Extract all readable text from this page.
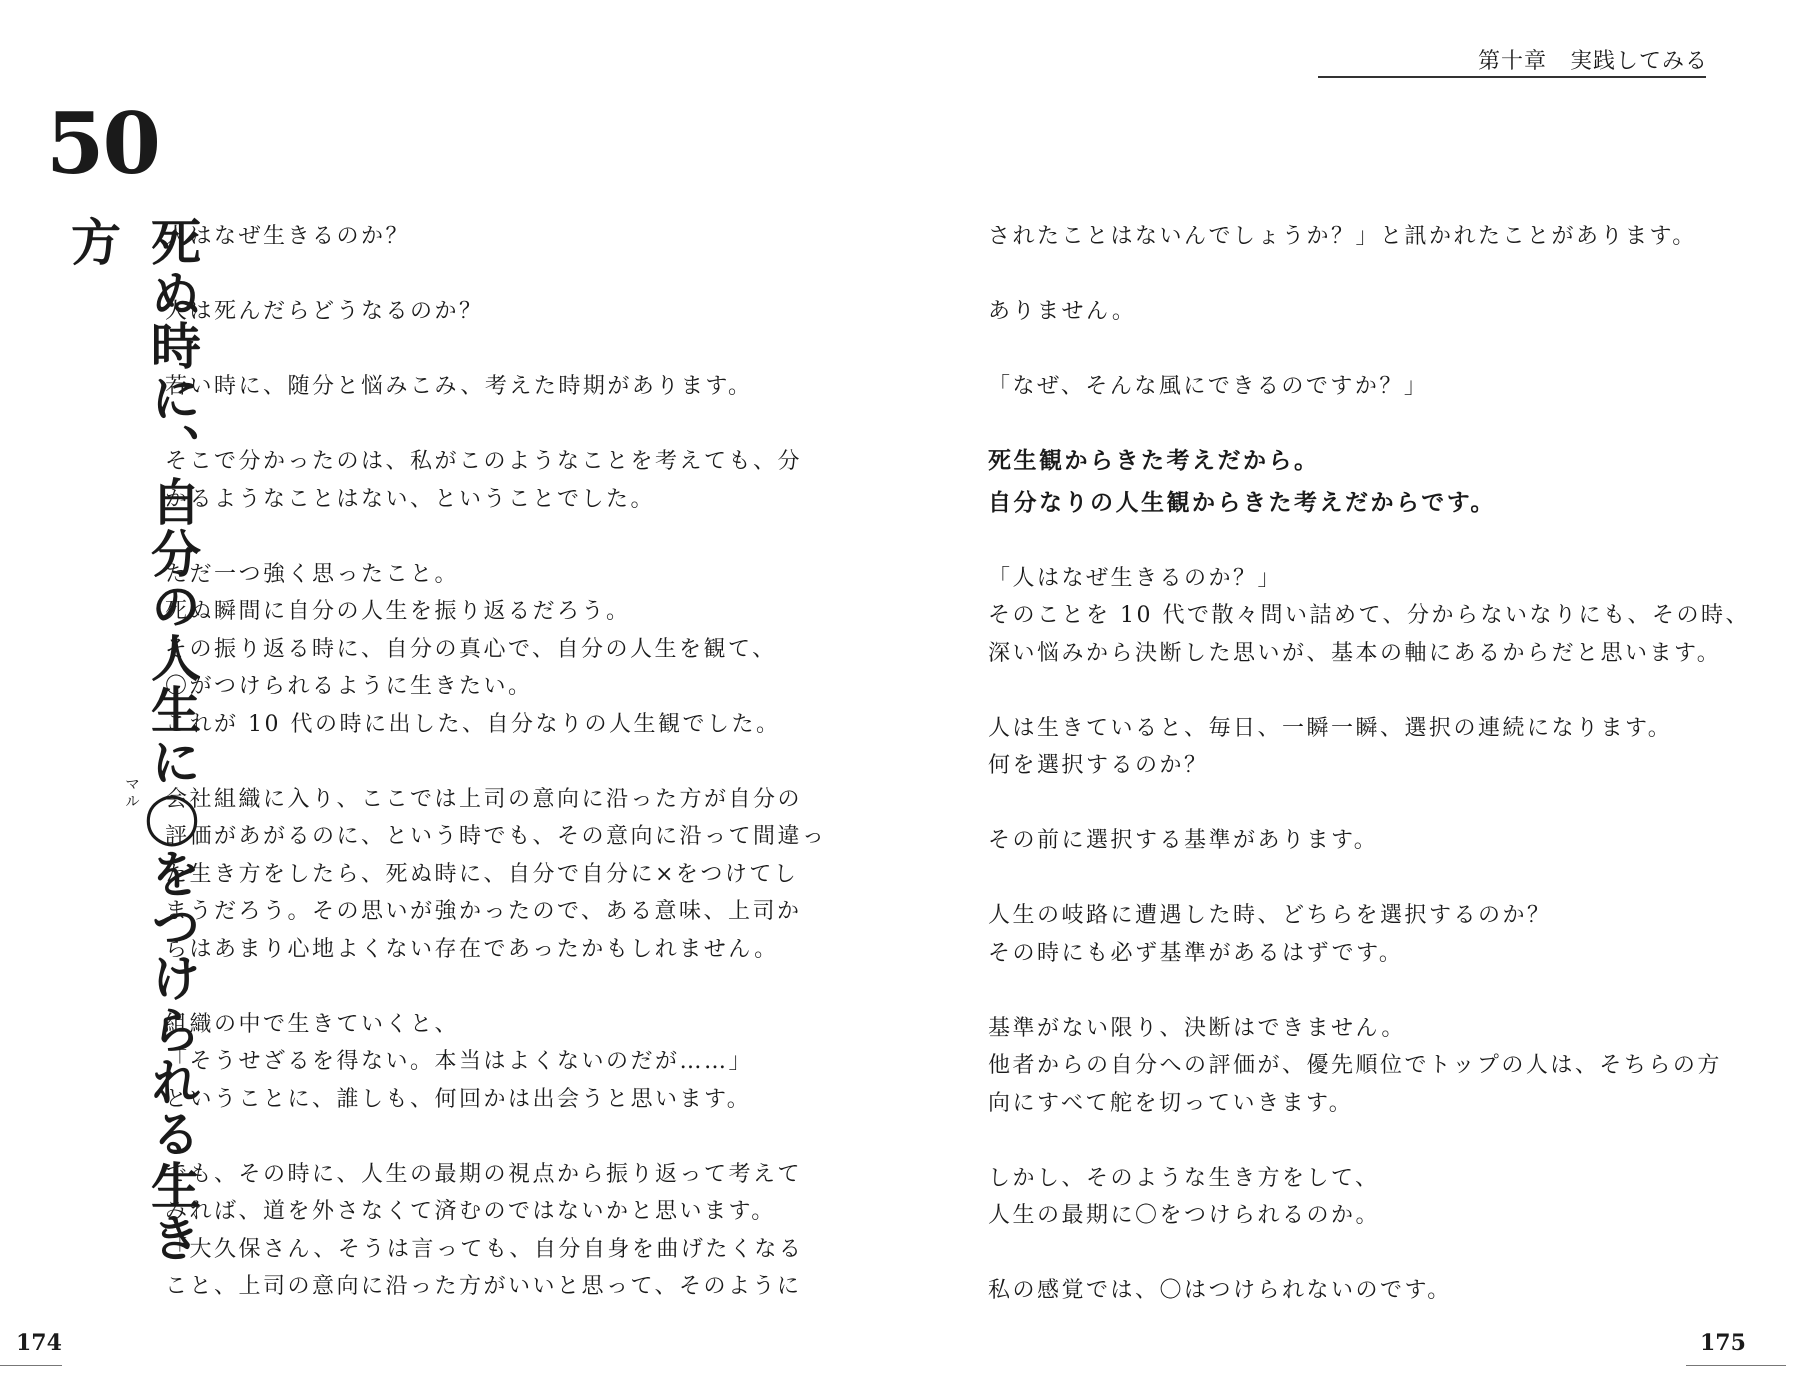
第十章　実践してみる
50
死ぬ時に、自分の人生に◯をつけられる生き方
マル
人はなぜ生きるのか？
人は死んだらどうなるのか？
若い時に、随分と悩みこみ、考えた時期があります。
そこで分かったのは、私がこのようなことを考えても、分
かるようなことはない、ということでした。
ただ一つ強く思ったこと。
死ぬ瞬間に自分の人生を振り返るだろう。
その振り返る時に、自分の真心で、自分の人生を観て、
〇がつけられるように生きたい。
これが 10 代の時に出した、自分なりの人生観でした。
会社組織に入り、ここでは上司の意向に沿った方が自分の
評価があがるのに、という時でも、その意向に沿って間違っ
た生き方をしたら、死ぬ時に、自分で自分に×をつけてし
まうだろう。その思いが強かったので、ある意味、上司か
らはあまり心地よくない存在であったかもしれません。
組織の中で生きていくと、
「そうせざるを得ない。本当はよくないのだが……」
ということに、誰しも、何回かは出会うと思います。
でも、その時に、人生の最期の視点から振り返って考えて
みれば、道を外さなくて済むのではないかと思います。
「大久保さん、そうは言っても、自分自身を曲げたくなる
こと、上司の意向に沿った方がいいと思って、そのように
されたことはないんでしょうか？」と訊かれたことがあります。
ありません。
「なぜ、そんな風にできるのですか？」
死生観からきた考えだから。
自分なりの人生観からきた考えだからです。
「人はなぜ生きるのか？」
そのことを 10 代で散々問い詰めて、分からないなりにも、その時、
深い悩みから決断した思いが、基本の軸にあるからだと思います。
人は生きていると、毎日、一瞬一瞬、選択の連続になります。
何を選択するのか？
その前に選択する基準があります。
人生の岐路に遭遇した時、どちらを選択するのか？
その時にも必ず基準があるはずです。
基準がない限り、決断はできません。
他者からの自分への評価が、優先順位でトップの人は、そちらの方
向にすべて舵を切っていきます。
しかし、そのような生き方をして、
人生の最期に〇をつけられるのか。
私の感覚では、〇はつけられないのです。
174	175
